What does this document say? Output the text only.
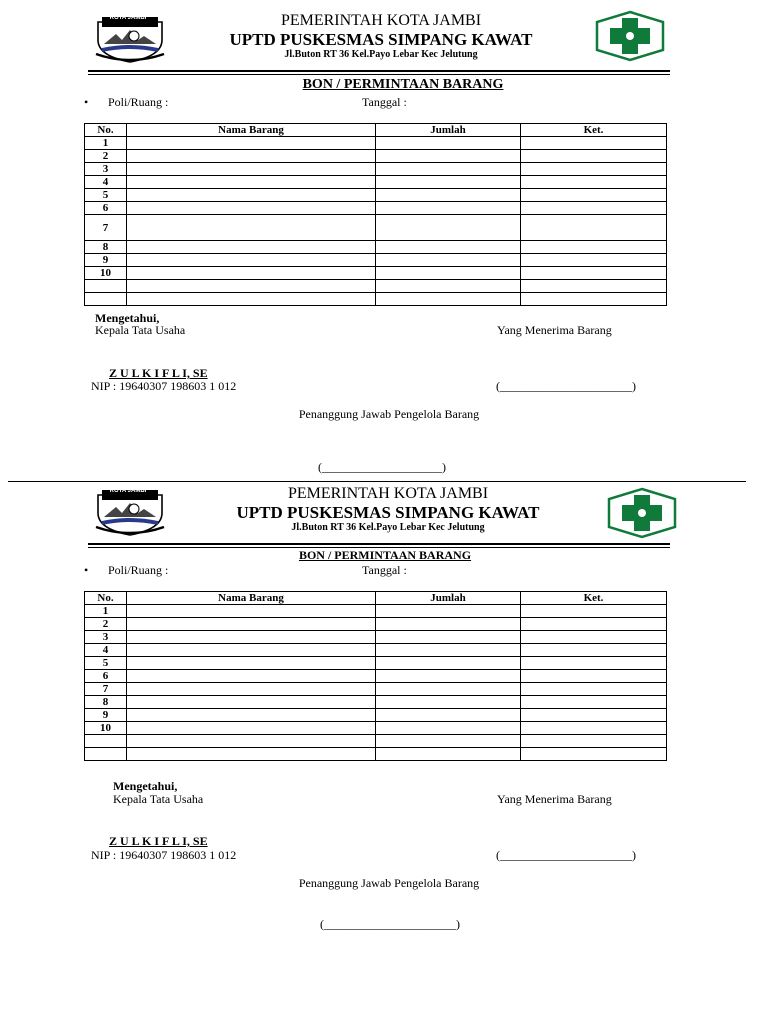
KOTA JAMBI	PEMERINTAH KOTA JAMBI
UPTD PUSKESMAS SIMPANG KAWAT
Jl.Buton RT 36 Kel.Payo Lebar Kec Jelutung
BON / PERMINTAAN BARANG
• Poli/Ruang :	Tanggal :
No.	Nama Barang	Jumlah	Ket.
1			
2			
3			
4			
5			
6			
7			
8			
9			
10			

Mengetahui,
Kepala Tata Usaha	Yang Menerima Barang
Z U L K I F L I, SE
NIP : 19640307 198603 1 012	(______________________)
Penanggung Jawab Pengelola Barang
(____________________)
KOTA JAMBI	PEMERINTAH KOTA JAMBI
UPTD PUSKESMAS SIMPANG KAWAT
Jl.Buton RT 36 Kel.Payo Lebar Kec Jelutung
BON / PERMINTAAN BARANG
• Poli/Ruang :	Tanggal :
No.	Nama Barang	Jumlah	Ket.
1			
2			
3			
4			
5			
6			
7			
8			
9			
10			

Mengetahui,
Kepala Tata Usaha	Yang Menerima Barang
Z U L K I F L I, SE
NIP : 19640307 198603 1 012	(______________________)
Penanggung Jawab Pengelola Barang
(______________________)
